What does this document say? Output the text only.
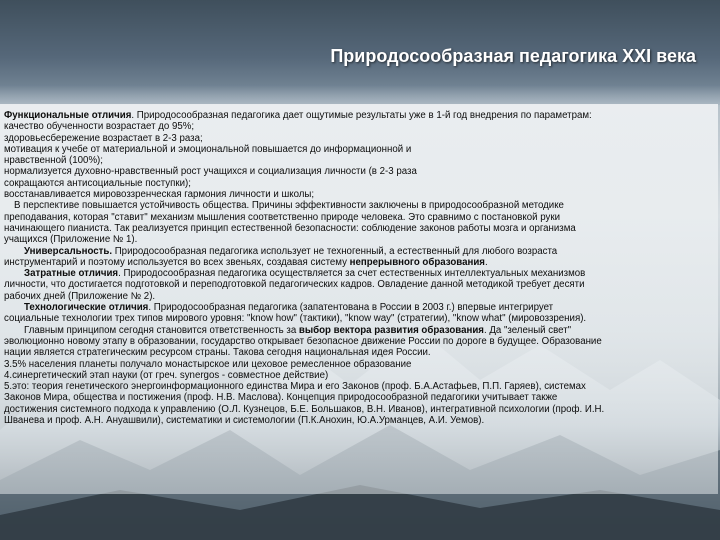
Природосообразная педагогика XXI века
Функциональные отличия. Природосообразная педагогика дает ощутимые результаты уже в 1-й год внедрения по параметрам:
качество обученности возрастает до 95%;
здоровьесбережение возрастает в 2-3 раза;
мотивация к учебе от материальной и эмоциональной повышается до информационной и
нравственной (100%);
нормализуется духовно-нравственный рост учащихся и социализация личности (в 2-3 раза
сокращаются антисоциальные поступки);
восстанавливается мировоззренческая гармония личности и школы;
В перспективе повышается устойчивость общества. Причины эффективности заключены в природосообразной методике
преподавания, которая "ставит" механизм мышления соответственно природе человека. Это сравнимо с постановкой руки
начинающего пианиста. Так реализуется принцип естественной безопасности: соблюдение законов работы мозга и организма
учащихся (Приложение № 1).
Универсальность. Природосообразная педагогика использует не техногенный, а естественный для любого возраста
инструментарий и поэтому используется во всех звеньях, создавая систему непрерывного образования.
Затратные отличия. Природосообразная педагогика осуществляется за счет естественных интеллектуальных механизмов
личности, что достигается подготовкой и переподготовкой педагогических кадров. Овладение данной методикой требует десяти
рабочих дней (Приложение № 2).
Технологические отличия. Природосообразная педагогика (запатентована в России в 2003 г.) впервые интегрирует
социальные технологии трех типов мирового уровня: "know how" (тактики), "know way" (стратегии), "know what" (мировоззрения).
Главным принципом сегодня становится ответственность за выбор вектора развития образования. Да "зеленый свет"
эволюционно новому этапу в образовании, государство открывает безопасное движение России по дороге в будущее. Образование
нации является стратегическим ресурсом страны. Такова сегодня национальная идея России.
3.5% населения планеты получало монастырское или цеховое ремесленное образование
4.синергетический этап науки (от греч. synergos - совместное действие)
5.это: теория генетического энергоинформационного единства Мира и его Законов (проф. Б.А.Астафьев, П.П. Гаряев), системах
Законов Мира, общества и постижения (проф. Н.В. Маслова). Концепция природосообразной педагогики учитывает также
достижения системного подхода к управлению (О.Л. Кузнецов, Б.Е. Большаков, В.Н. Иванов), интегративной психологии (проф. И.Н.
Шванева и проф. А.Н. Ануашвили), систематики и системологии (П.К.Анохин, Ю.А.Урманцев, А.И. Уемов).
